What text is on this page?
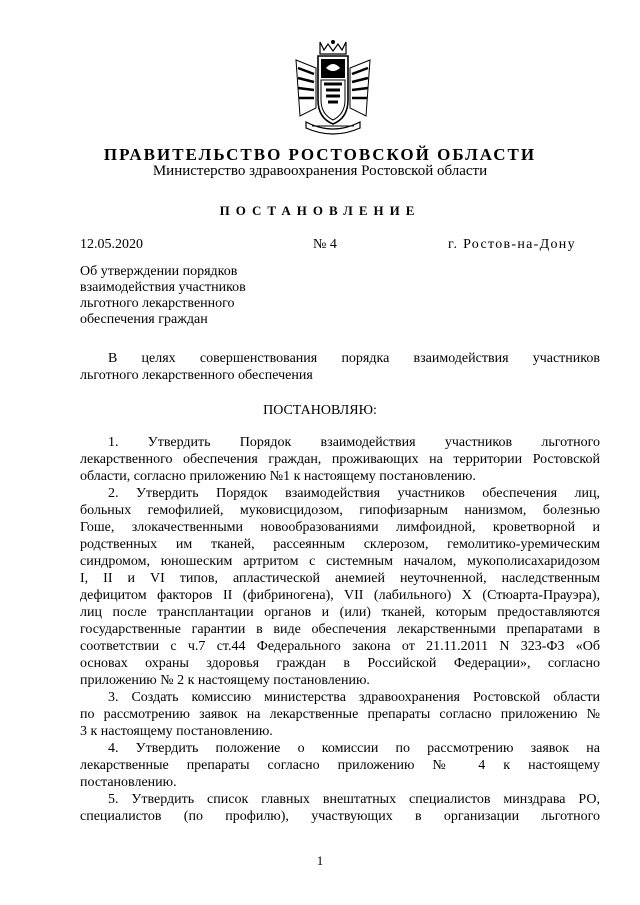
ПРАВИТЕЛЬСТВО РОСТОВСКОЙ ОБЛАСТИ
Министерство здравоохранения Ростовской области
ПОСТАНОВЛЕНИЕ
12.05.2020	№ 4	г. Ростов-на-Дону
Об утверждении порядков
взаимодействия участников
льготного лекарственного
обеспечения граждан
В целях совершенствования порядка взаимодействия участников
льготного лекарственного обеспечения
ПОСТАНОВЛЯЮ:
1. Утвердить Порядок взаимодействия участников льготного
лекарственного обеспечения граждан, проживающих на территории Ростовской
области, согласно приложению №1 к настоящему постановлению.
2. Утвердить Порядок взаимодействия участников обеспечения лиц,
больных гемофилией, муковисцидозом, гипофизарным нанизмом, болезнью
Гоше, злокачественными новообразованиями лимфоидной, кроветворной и
родственных им тканей, рассеянным склерозом, гемолитико-уремическим
синдромом, юношеским артритом с системным началом, мукополисахаридозом
I, II и VI типов, апластической анемией неуточненной, наследственным
дефицитом факторов II (фибриногена), VII (лабильного) X (Стюарта-Прауэра),
лиц после трансплантации органов и (или) тканей, которым предоставляются
государственные гарантии в виде обеспечения лекарственными препаратами в
соответствии с ч.7 ст.44 Федерального закона от 21.11.2011 N 323-ФЗ «Об
основах охраны здоровья граждан в Российской Федерации», согласно
приложению № 2 к настоящему постановлению.
3. Создать комиссию министерства здравоохранения Ростовской области
по рассмотрению заявок на лекарственные препараты согласно приложению №
3 к настоящему постановлению.
4. Утвердить положение о комиссии по рассмотрению заявок на
лекарственные препараты согласно приложению № 4 к настоящему
постановлению.
5. Утвердить список главных внештатных специалистов минздрава РО,
специалистов (по профилю), участвующих в организации льготного
1
